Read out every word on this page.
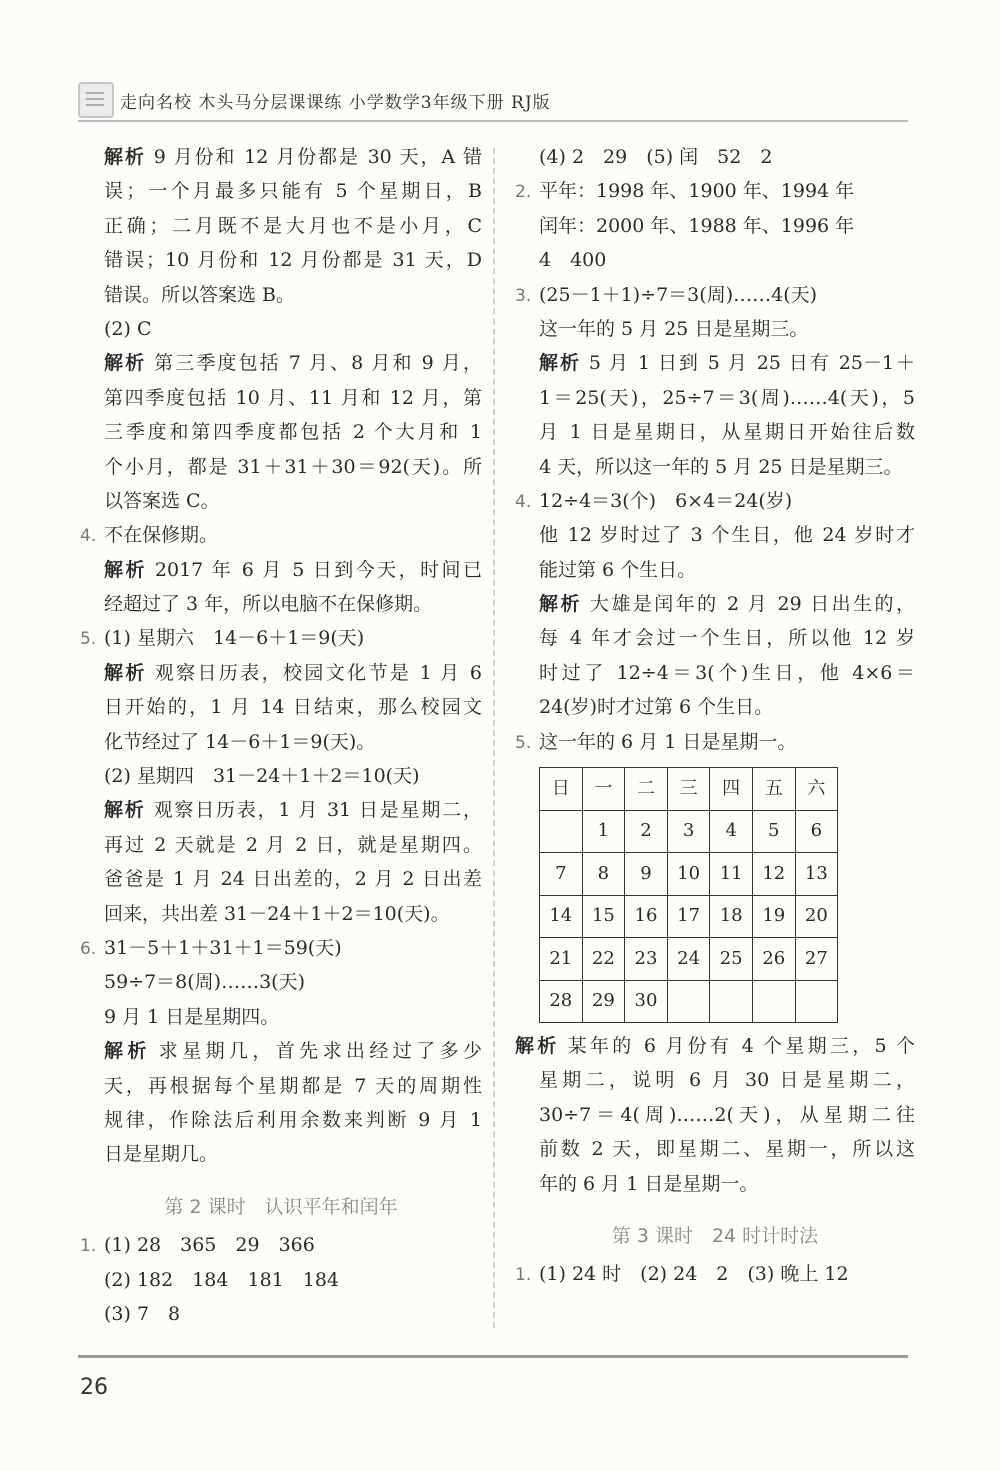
走向名校 木头马分层课课练 小学数学3年级下册 RJ版
解析 9 月份和 12 月份都是 30 天，A 错
误；一个月最多只能有 5 个星期日，B
正确；二月既不是大月也不是小月，C
错误；10 月份和 12 月份都是 31 天，D
错误。所以答案选 B。
(2) C
解析 第三季度包括 7 月、8 月和 9 月，
第四季度包括 10 月、11 月和 12 月，第
三季度和第四季度都包括 2 个大月和 1
个小月，都是 31＋31＋30＝92(天)。所
以答案选 C。
4. 不在保修期。
解析 2017 年 6 月 5 日到今天，时间已
经超过了 3 年，所以电脑不在保修期。
5. (1) 星期六　14－6＋1＝9(天)
解析 观察日历表，校园文化节是 1 月 6
日开始的，1 月 14 日结束，那么校园文
化节经过了 14－6＋1＝9(天)。
(2) 星期四　31－24＋1＋2＝10(天)
解析 观察日历表，1 月 31 日是星期二，
再过 2 天就是 2 月 2 日，就是星期四。
爸爸是 1 月 24 日出差的，2 月 2 日出差
回来，共出差 31－24＋1＋2＝10(天)。
6. 31－5＋1＋31＋1＝59(天)
59÷7＝8(周)……3(天)
9 月 1 日是星期四。
解析 求星期几，首先求出经过了多少
天，再根据每个星期都是 7 天的周期性
规律，作除法后利用余数来判断 9 月 1
日是星期几。
第 2 课时　认识平年和闰年
1. (1) 28　365　29　366
(2) 182　184　181　184
(3) 7　8
(4) 2　29　(5) 闰　52　2
2. 平年：1998 年、1900 年、1994 年
闰年：2000 年、1988 年、1996 年
4　400
3. (25－1＋1)÷7＝3(周)……4(天)
这一年的 5 月 25 日是星期三。
解析 5 月 1 日到 5 月 25 日有 25－1＋
1＝25(天)，25÷7＝3(周)……4(天)，5
月 1 日是星期日，从星期日开始往后数
4 天，所以这一年的 5 月 25 日是星期三。
4. 12÷4＝3(个)　6×4＝24(岁)
他 12 岁时过了 3 个生日，他 24 岁时才
能过第 6 个生日。
解析 大雄是闰年的 2 月 29 日出生的，
每 4 年才会过一个生日，所以他 12 岁
时过了 12÷4＝3(个)生日，他 4×6＝
24(岁)时才过第 6 个生日。
5. 这一年的 6 月 1 日是星期一。
日	一	二	三	四	五	六
	1	2	3	4	5	6
7	8	9	10	11	12	13
14	15	16	17	18	19	20
21	22	23	24	25	26	27
28	29	30				
解析 某年的 6 月份有 4 个星期三，5 个
星期二，说明 6 月 30 日是星期二，
30÷7＝4(周)……2(天)，从星期二往
前数 2 天，即星期二、星期一，所以这
年的 6 月 1 日是星期一。
第 3 课时　24 时计时法
1. (1) 24 时　(2) 24　2　(3) 晚上 12
26
